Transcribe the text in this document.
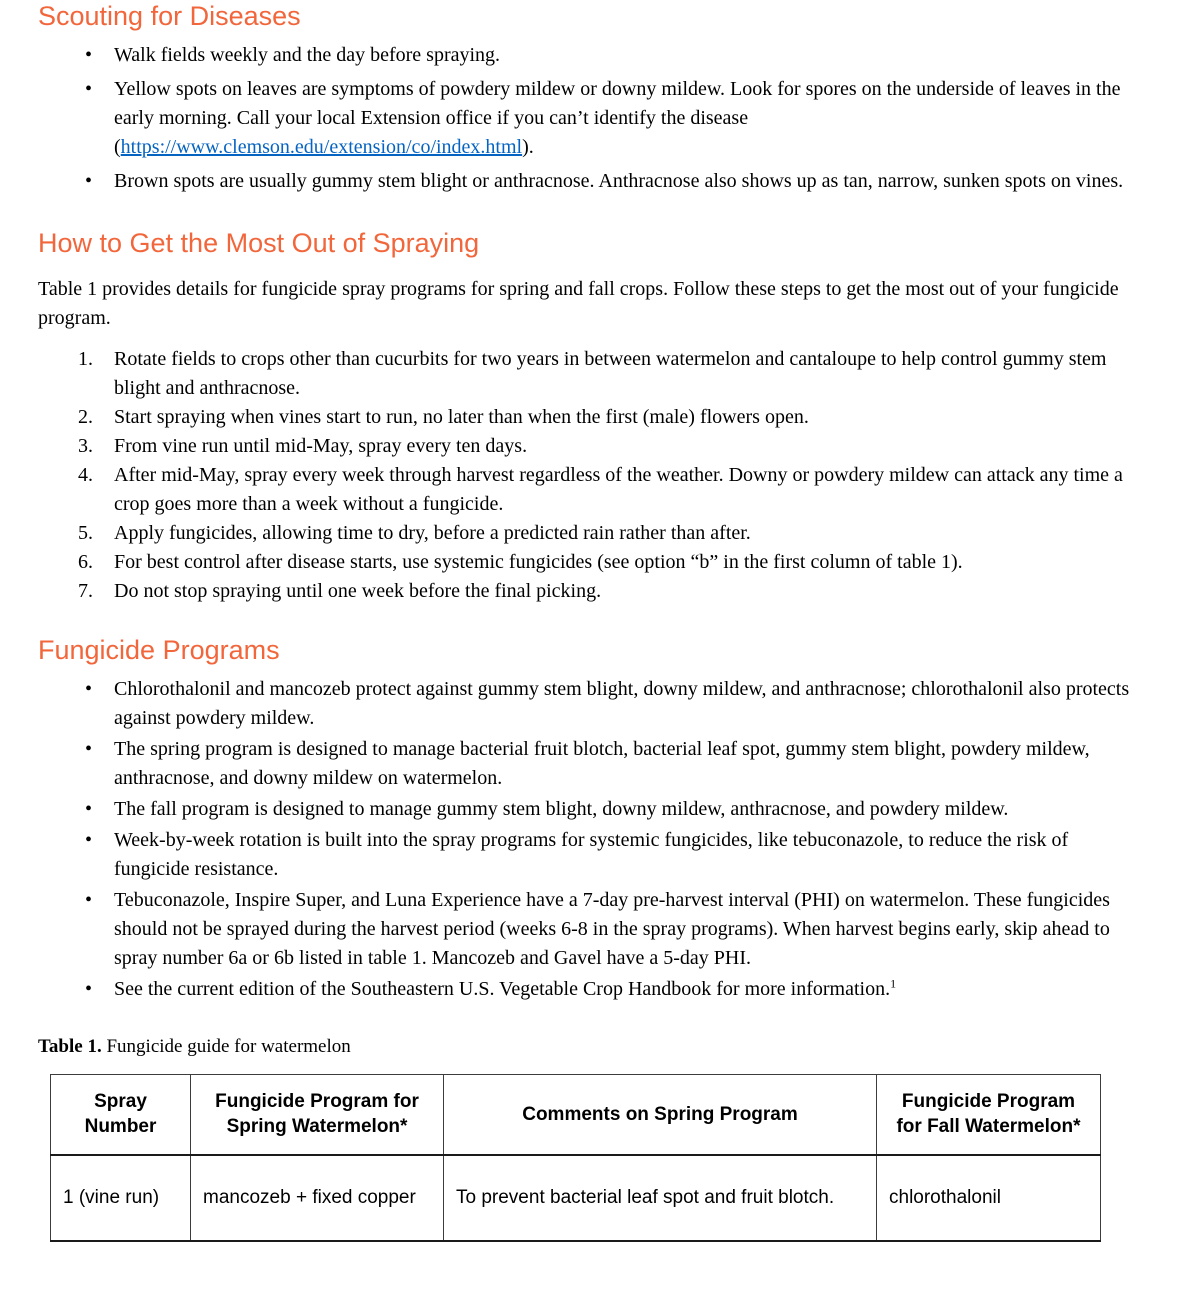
Scouting for Diseases
• Walk fields weekly and the day before spraying.
• Yellow spots on leaves are symptoms of powdery mildew or downy mildew. Look for spores on the underside of leaves in the early morning. Call your local Extension office if you can’t identify the disease (https://www.clemson.edu/extension/co/index.html).
• Brown spots are usually gummy stem blight or anthracnose. Anthracnose also shows up as tan, narrow, sunken spots on vines.
How to Get the Most Out of Spraying

Table 1 provides details for fungicide spray programs for spring and fall crops. Follow these steps to get the most out of your fungicide program.

1. Rotate fields to crops other than cucurbits for two years in between watermelon and cantaloupe to help control gummy stem blight and anthracnose.
2. Start spraying when vines start to run, no later than when the first (male) flowers open.
3. From vine run until mid-May, spray every ten days.
4. After mid-May, spray every week through harvest regardless of the weather. Downy or powdery mildew can attack any time a crop goes more than a week without a fungicide.
5. Apply fungicides, allowing time to dry, before a predicted rain rather than after.
6. For best control after disease starts, use systemic fungicides (see option “b” in the first column of table 1).
7. Do not stop spraying until one week before the final picking.
Fungicide Programs
• Chlorothalonil and mancozeb protect against gummy stem blight, downy mildew, and anthracnose; chlorothalonil also protects against powdery mildew.
• The spring program is designed to manage bacterial fruit blotch, bacterial leaf spot, gummy stem blight, powdery mildew, anthracnose, and downy mildew on watermelon.
• The fall program is designed to manage gummy stem blight, downy mildew, anthracnose, and powdery mildew.
• Week-by-week rotation is built into the spray programs for systemic fungicides, like tebuconazole, to reduce the risk of fungicide resistance.
• Tebuconazole, Inspire Super, and Luna Experience have a 7-day pre-harvest interval (PHI) on watermelon. These fungicides should not be sprayed during the harvest period (weeks 6-8 in the spray programs). When harvest begins early, skip ahead to spray number 6a or 6b listed in table 1. Mancozeb and Gavel have a 5-day PHI.
• See the current edition of the Southeastern U.S. Vegetable Crop Handbook for more information.$^1$

Table 1. Fungicide guide for watermelon

Spray Number	Fungicide Program for Spring Watermelon*	Comments on Spring Program	Fungicide Program for Fall Watermelon*
1 (vine run)	mancozeb + fixed copper	To prevent bacterial leaf spot and fruit blotch.	chlorothalonil
